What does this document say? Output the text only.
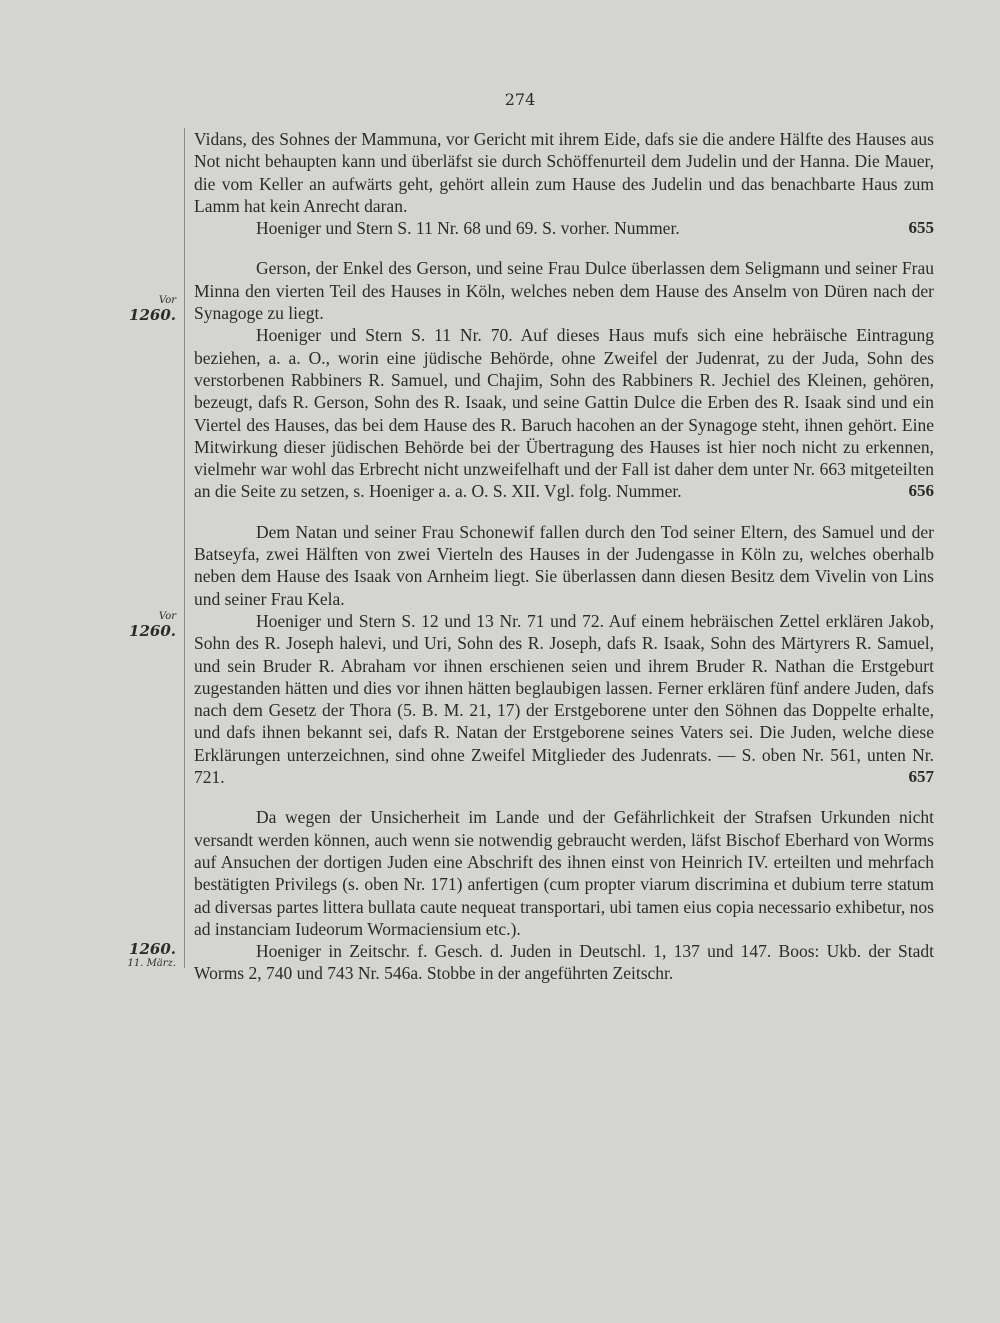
274
Vor
1260.
Vor
1260.
1260.
11. März.

Vidans, des Sohnes der Mammuna, vor Gericht mit ihrem Eide, dafs sie die andere Hälfte des Hauses aus Not nicht behaupten kann und überläfst sie durch Schöffenurteil dem Judelin und der Hanna. Die Mauer, die vom Keller an aufwärts geht, gehört allein zum Hause des Judelin und das benachbarte Haus zum Lamm hat kein Anrecht daran.

655
Hoeniger und Stern S. 11 Nr. 68 und 69. S. vorher. Nummer.

Gerson, der Enkel des Gerson, und seine Frau Dulce überlassen dem Seligmann und seiner Frau Minna den vierten Teil des Hauses in Köln, welches neben dem Hause des Anselm von Düren nach der Synagoge zu liegt.

Hoeniger und Stern S. 11 Nr. 70. Auf dieses Haus mufs sich eine hebräische Eintragung beziehen, a. a. O., worin eine jüdische Behörde, ohne Zweifel der Judenrat, zu der Juda, Sohn des verstorbenen Rabbiners R. Samuel, und Chajim, Sohn des Rabbiners R. Jechiel des Kleinen, gehören, bezeugt, dafs R. Gerson, Sohn des R. Isaak, und seine Gattin Dulce die Erben des R. Isaak sind und ein Viertel des Hauses, das bei dem Hause des R. Baruch hacohen an der Synagoge steht, ihnen gehört. Eine Mitwirkung dieser jüdischen Behörde bei der Übertragung des Hauses ist hier noch nicht zu erkennen, vielmehr war wohl das Erbrecht nicht unzweifelhaft und der Fall ist daher dem unter Nr. 663 mitgeteilten an die Seite zu setzen, s. Hoeniger a. a. O. S. XII. Vgl. folg. Nummer.	656

Dem Natan und seiner Frau Schonewif fallen durch den Tod seiner Eltern, des Samuel und der Batseyfa, zwei Hälften von zwei Vierteln des Hauses in der Judengasse in Köln zu, welches oberhalb neben dem Hause des Isaak von Arnheim liegt. Sie überlassen dann diesen Besitz dem Vivelin von Lins und seiner Frau Kela.

Hoeniger und Stern S. 12 und 13 Nr. 71 und 72. Auf einem hebräischen Zettel erklären Jakob, Sohn des R. Joseph halevi, und Uri, Sohn des R. Joseph, dafs R. Isaak, Sohn des Märtyrers R. Samuel, und sein Bruder R. Abraham vor ihnen erschienen seien und ihrem Bruder R. Nathan die Erstgeburt zugestanden hätten und dies vor ihnen hätten beglaubigen lassen. Ferner erklären fünf andere Juden, dafs nach dem Gesetz der Thora (5. B. M. 21, 17) der Erstgeborene unter den Söhnen das Doppelte erhalte, und dafs ihnen bekannt sei, dafs R. Natan der Erstgeborene seines Vaters sei. Die Juden, welche diese Erklärungen unterzeichnen, sind ohne Zweifel Mitglieder des Judenrats. — S. oben Nr. 561, unten Nr. 721.	657

Da wegen der Unsicherheit im Lande und der Gefährlichkeit der Strafsen Urkunden nicht versandt werden können, auch wenn sie notwendig gebraucht werden, läfst Bischof Eberhard von Worms auf Ansuchen der dortigen Juden eine Abschrift des ihnen einst von Heinrich IV. erteilten und mehrfach bestätigten Privilegs (s. oben Nr. 171) anfertigen (cum propter viarum discrimina et dubium terre statum ad diversas partes littera bullata caute nequeat transportari, ubi tamen eius copia necessario exhibetur, nos ad instanciam Iudeorum Wormaciensium etc.).

Hoeniger in Zeitschr. f. Gesch. d. Juden in Deutschl. 1, 137 und 147. Boos: Ukb. der Stadt Worms 2, 740 und 743 Nr. 546a. Stobbe in der angeführten Zeitschr.
